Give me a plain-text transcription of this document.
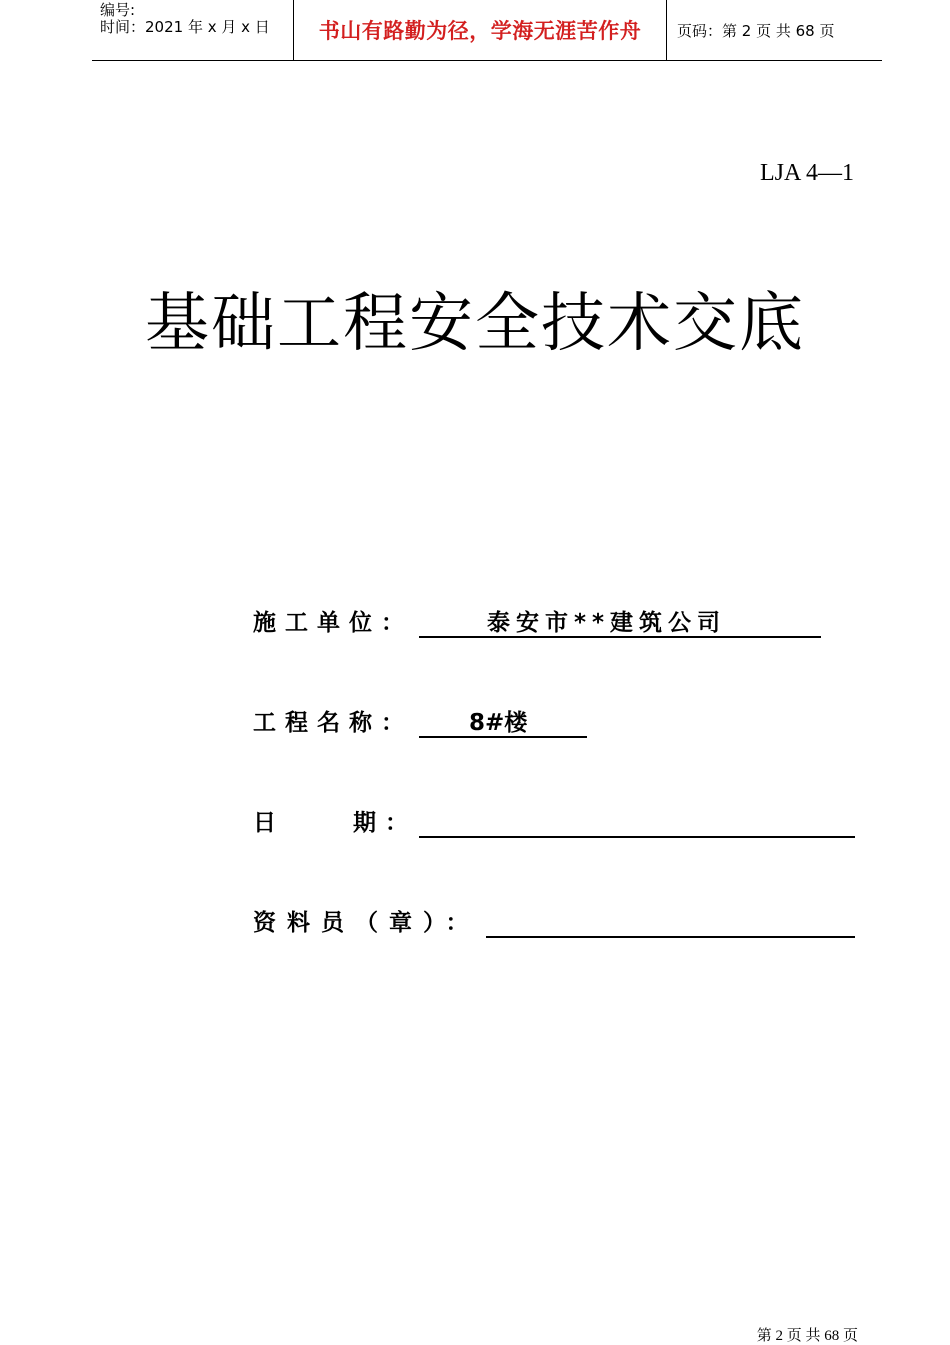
编号:
时间：2021 年 x 月 x 日	书山有路勤为径，学海无涯苦作舟	页码：第 2 页 共 68 页
LJA 4—1
基础工程安全技术交底
施工单位：	泰安市**建筑公司
工程名称： 8#楼
日	期：
资料员（章）：
第 2 页 共 68 页
